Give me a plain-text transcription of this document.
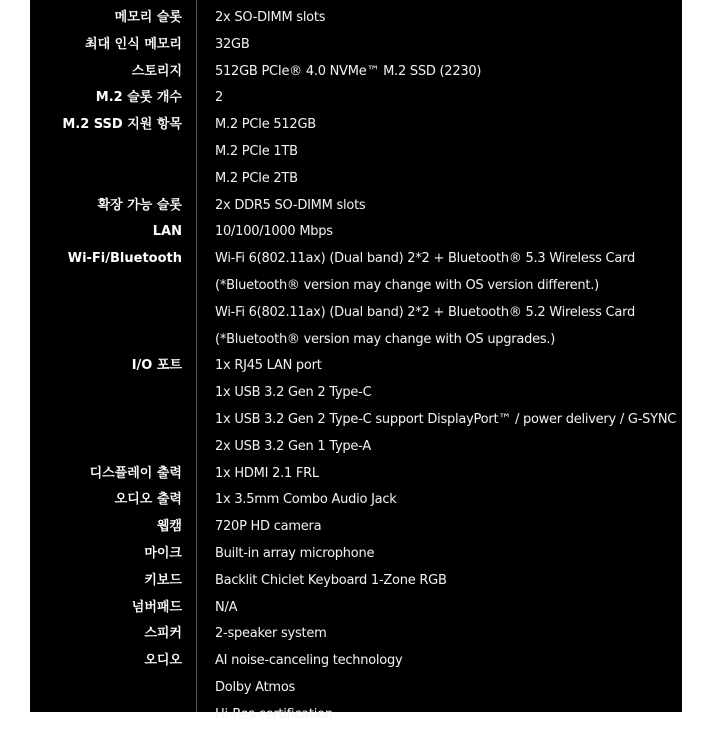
메모리 슬롯	2x SO-DIMM slots
최대 인식 메모리	32GB
스토리지	512GB PCIe® 4.0 NVMe™ M.2 SSD (2230)
M.2 슬롯 개수	2
M.2 SSD 지원 항목	M.2 PCIe 512GB
M.2 PCIe 1TB
M.2 PCIe 2TB
확장 가능 슬롯	2x DDR5 SO-DIMM slots
LAN	10/100/1000 Mbps
Wi-Fi/Bluetooth	Wi-Fi 6(802.11ax) (Dual band) 2*2 + Bluetooth® 5.3 Wireless Card
(*Bluetooth® version may change with OS version different.)
Wi-Fi 6(802.11ax) (Dual band) 2*2 + Bluetooth® 5.2 Wireless Card
(*Bluetooth® version may change with OS upgrades.)
I/O 포트	1x RJ45 LAN port
1x USB 3.2 Gen 2 Type-C
1x USB 3.2 Gen 2 Type-C support DisplayPort™ / power delivery / G-SYNC
2x USB 3.2 Gen 1 Type-A
디스플레이 출력	1x HDMI 2.1 FRL
오디오 출력	1x 3.5mm Combo Audio Jack
웹캠	720P HD camera
마이크	Built-in array microphone
키보드	Backlit Chiclet Keyboard 1-Zone RGB
넘버패드	N/A
스피커	2-speaker system
오디오	AI noise-canceling technology
Dolby Atmos
Hi-Res certification
